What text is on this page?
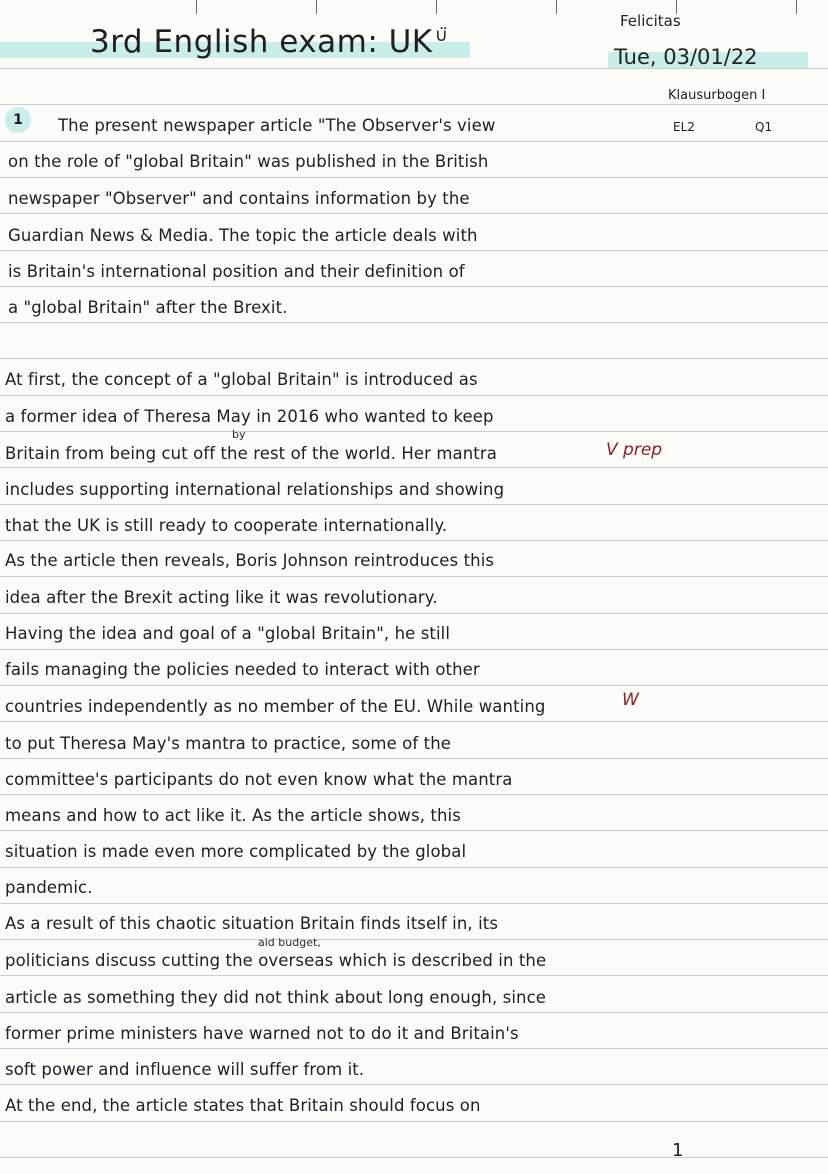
3rd English exam: UK ∪̈
Felicitas
Tue, 03/01/22
Klausurbogen I
EL2	Q1
1	The present newspaper article "The Observer's view
on the role of "global Britain" was published in the British
newspaper "Observer" and contains information by the
Guardian News & Media. The topic the article deals with
is Britain's international position and their definition of
a "global Britain" after the Brexit.
At first, the concept of a "global Britain" is introduced as
a former idea of Theresa May in 2016 who wanted to keep
Britain from being cut off the rest of the world. Her mantra
includes supporting international relationships and showing
that the UK is still ready to cooperate internationally.
As the article then reveals, Boris Johnson reintroduces this
idea after the Brexit acting like it was revolutionary.
Having the idea and goal of a "global Britain", he still
fails managing the policies needed to interact with other
countries independently as no member of the EU. While wanting
to put Theresa May's mantra to practice, some of the
committee's participants do not even know what the mantra
means and how to act like it. As the article shows, this
situation is made even more complicated by the global
pandemic.
As a result of this chaotic situation Britain finds itself in, its
politicians discuss cutting the overseas which is described in the
article as something they did not think about long enough, since
former prime ministers have warned not to do it and Britain's
soft power and influence will suffer from it.
At the end, the article states that Britain should focus on
by
aid budget,
V prep
W
1
